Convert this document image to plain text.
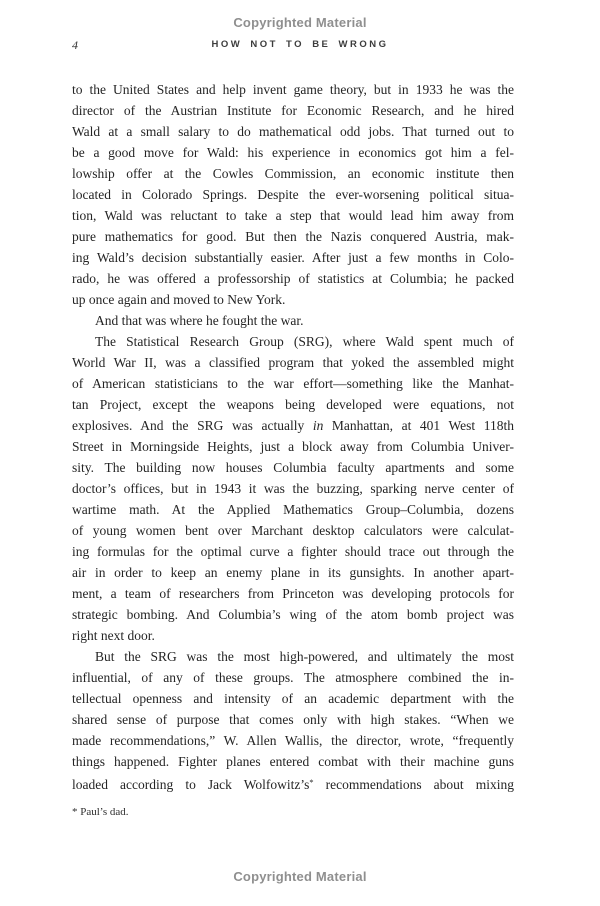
Copyrighted Material
4	HOW NOT TO BE WRONG
to the United States and help invent game theory, but in 1933 he was the
director of the Austrian Institute for Economic Research, and he hired
Wald at a small salary to do mathematical odd jobs. That turned out to
be a good move for Wald: his experience in economics got him a fel-
lowship offer at the Cowles Commission, an economic institute then
located in Colorado Springs. Despite the ever-worsening political situa-
tion, Wald was reluctant to take a step that would lead him away from
pure mathematics for good. But then the Nazis conquered Austria, mak-
ing Wald’s decision substantially easier. After just a few months in Colo-
rado, he was offered a professorship of statistics at Columbia; he packed
up once again and moved to New York.
And that was where he fought the war.
The Statistical Research Group (SRG), where Wald spent much of
World War II, was a classified program that yoked the assembled might
of American statisticians to the war effort—something like the Manhat-
tan Project, except the weapons being developed were equations, not
explosives. And the SRG was actually in Manhattan, at 401 West 118th
Street in Morningside Heights, just a block away from Columbia Univer-
sity. The building now houses Columbia faculty apartments and some
doctor’s offices, but in 1943 it was the buzzing, sparking nerve center of
wartime math. At the Applied Mathematics Group–Columbia, dozens
of young women bent over Marchant desktop calculators were calculat-
ing formulas for the optimal curve a fighter should trace out through the
air in order to keep an enemy plane in its gunsights. In another apart-
ment, a team of researchers from Princeton was developing protocols for
strategic bombing. And Columbia’s wing of the atom bomb project was
right next door.
But the SRG was the most high-powered, and ultimately the most
influential, of any of these groups. The atmosphere combined the in-
tellectual openness and intensity of an academic department with the
shared sense of purpose that comes only with high stakes. “When we
made recommendations,” W. Allen Wallis, the director, wrote, “frequently
things happened. Fighter planes entered combat with their machine guns
loaded according to Jack Wolfowitz’s* recommendations about mixing
* Paul’s dad.
Copyrighted Material
